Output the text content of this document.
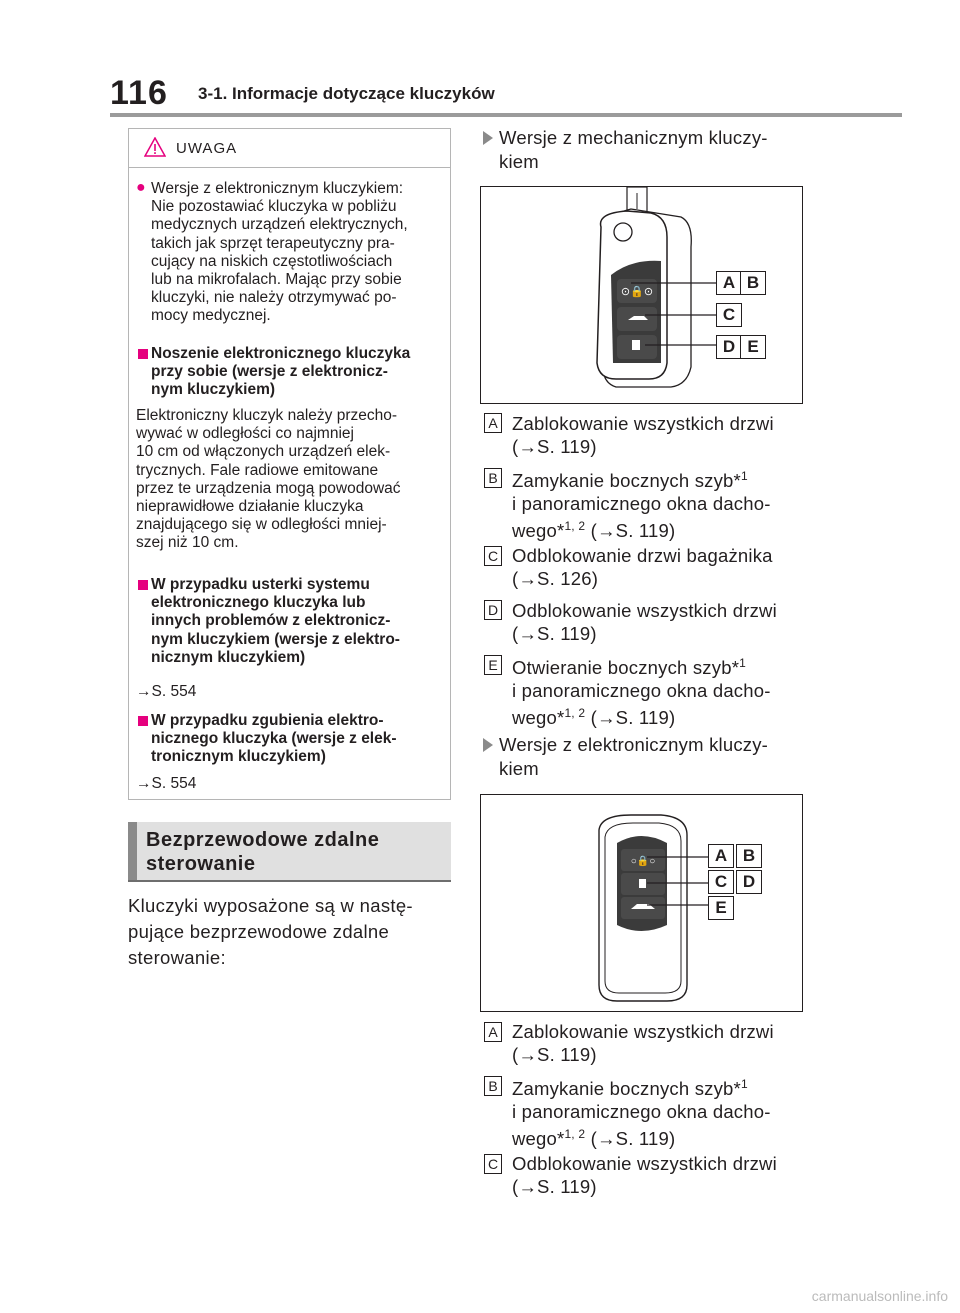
116 3-1. Informacje dotyczące kluczyków
UWAGA
● Wersje z elektronicznym kluczykiem:
Nie pozostawiać kluczyka w pobliżu
medycznych urządzeń elektrycznych,
takich jak sprzęt terapeutyczny pra-
cujący na niskich częstotliwościach
lub na mikrofalach. Mając przy sobie
kluczyki, nie należy otrzymywać po-
mocy medycznej.
Noszenie elektronicznego kluczyka
przy sobie (wersje z elektronicz-
nym kluczykiem)
Elektroniczny kluczyk należy przecho-
wywać w odległości co najmniej
10 cm od włączonych urządzeń elek-
trycznych. Fale radiowe emitowane
przez te urządzenia mogą powodować
nieprawidłowe działanie kluczyka
znajdującego się w odległości mniej-
szej niż 10 cm.
W przypadku usterki systemu
elektronicznego kluczyka lub
innych problemów z elektronicz-
nym kluczykiem (wersje z elektro-
nicznym kluczykiem)
→S. 554
W przypadku zgubienia elektro-
nicznego kluczyka (wersje z elek-
tronicznym kluczykiem)
→S. 554
Bezprzewodowe zdalne
sterowanie
Kluczyki wyposażone są w nastę-
pujące bezprzewodowe zdalne
sterowanie:
Wersje z mechanicznym kluczy-
kiem
⊙🔒⊙	A B
C
D E
A Zablokowanie wszystkich drzwi
(→S. 119)
B Zamykanie bocznych szyb*$^1$
i panoramicznego okna dacho-
wego*$^{1, 2}$ (→S. 119)
C Odblokowanie drzwi bagażnika
(→S. 126)
D Odblokowanie wszystkich drzwi
(→S. 119)
E Otwieranie bocznych szyb*$^1$
i panoramicznego okna dacho-
wego*$^{1, 2}$ (→S. 119)
Wersje z elektronicznym kluczy-
kiem
○🔒○	A B
C D
E
A Zablokowanie wszystkich drzwi
(→S. 119)
B Zamykanie bocznych szyb*$^1$
i panoramicznego okna dacho-
wego*$^{1, 2}$ (→S. 119)
C Odblokowanie wszystkich drzwi
(→S. 119)
carmanualsonline.info
